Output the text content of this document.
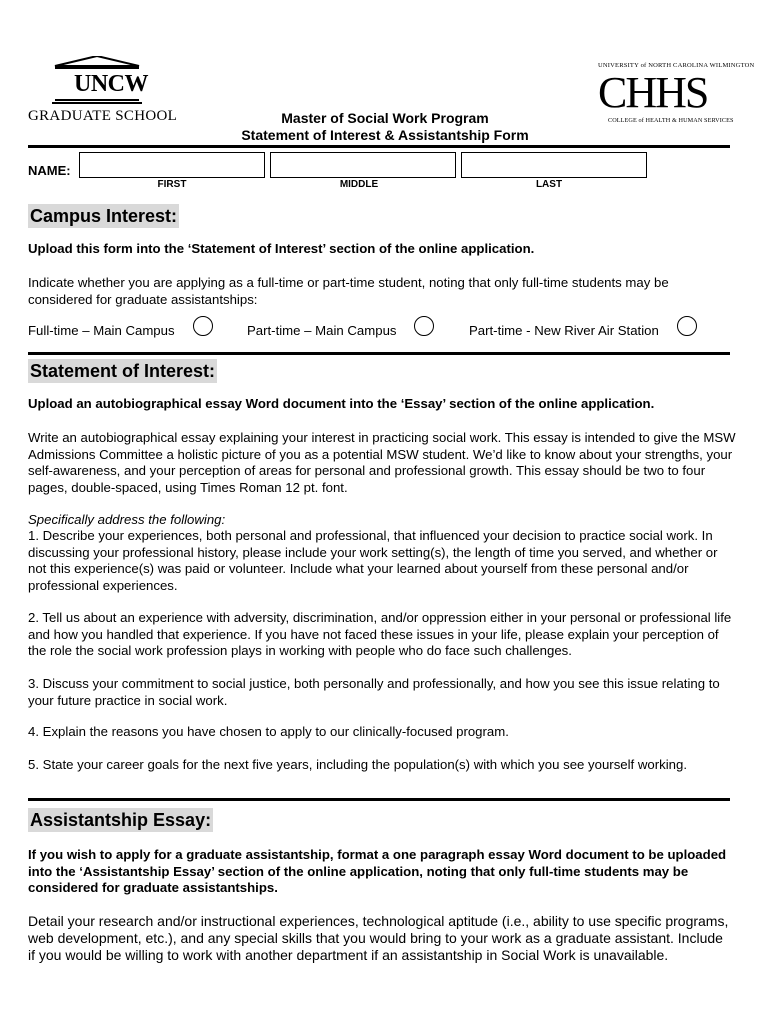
UNCW
GRADUATE SCHOOL
UNIVERSITY of NORTH CAROLINA WILMINGTON
CHHS
COLLEGE of HEALTH & HUMAN SERVICES
Master of Social Work Program
Statement of Interest & Assistantship Form
NAME:
FIRST	MIDDLE	LAST
Campus Interest:

Upload this form into the ‘Statement of Interest’ section of the online application.

Indicate whether you are applying as a full-time or part-time student, noting that only full-time students may be considered for graduate assistantships:

Full-time – Main Campus	Part-time – Main Campus	Part-time - New River Air Station
Statement of Interest:

Upload an autobiographical essay Word document into the ‘Essay’ section of the online application.

Write an autobiographical essay explaining your interest in practicing social work. This essay is intended to give the MSW Admissions Committee a holistic picture of you as a potential MSW student. We’d like to know about your strengths, your self-awareness, and your perception of areas for personal and professional growth. This essay should be two to four pages, double-spaced, using Times Roman 12 pt. font.

Specifically address the following:

1. Describe your experiences, both personal and professional, that influenced your decision to practice social work. In discussing your professional history, please include your work setting(s), the length of time you served, and whether or not this experience(s) was paid or volunteer. Include what your learned about yourself from these personal and/or professional experiences.

2. Tell us about an experience with adversity, discrimination, and/or oppression either in your personal or professional life and how you handled that experience. If you have not faced these issues in your life, please explain your perception of the role the social work profession plays in working with people who do face such challenges.

3. Discuss your commitment to social justice, both personally and professionally, and how you see this issue relating to your future practice in social work.

4. Explain the reasons you have chosen to apply to our clinically-focused program.

5. State your career goals for the next five years, including the population(s) with which you see yourself working.

Assistantship Essay:

If you wish to apply for a graduate assistantship, format a one paragraph essay Word document to be uploaded into the ‘Assistantship Essay’ section of the online application, noting that only full-time students may be considered for graduate assistantships.

Detail your research and/or instructional experiences, technological aptitude (i.e., ability to use specific programs, web development, etc.), and any special skills that you would bring to your work as a graduate assistant. Include if you would be willing to work with another department if an assistantship in Social Work is unavailable.
